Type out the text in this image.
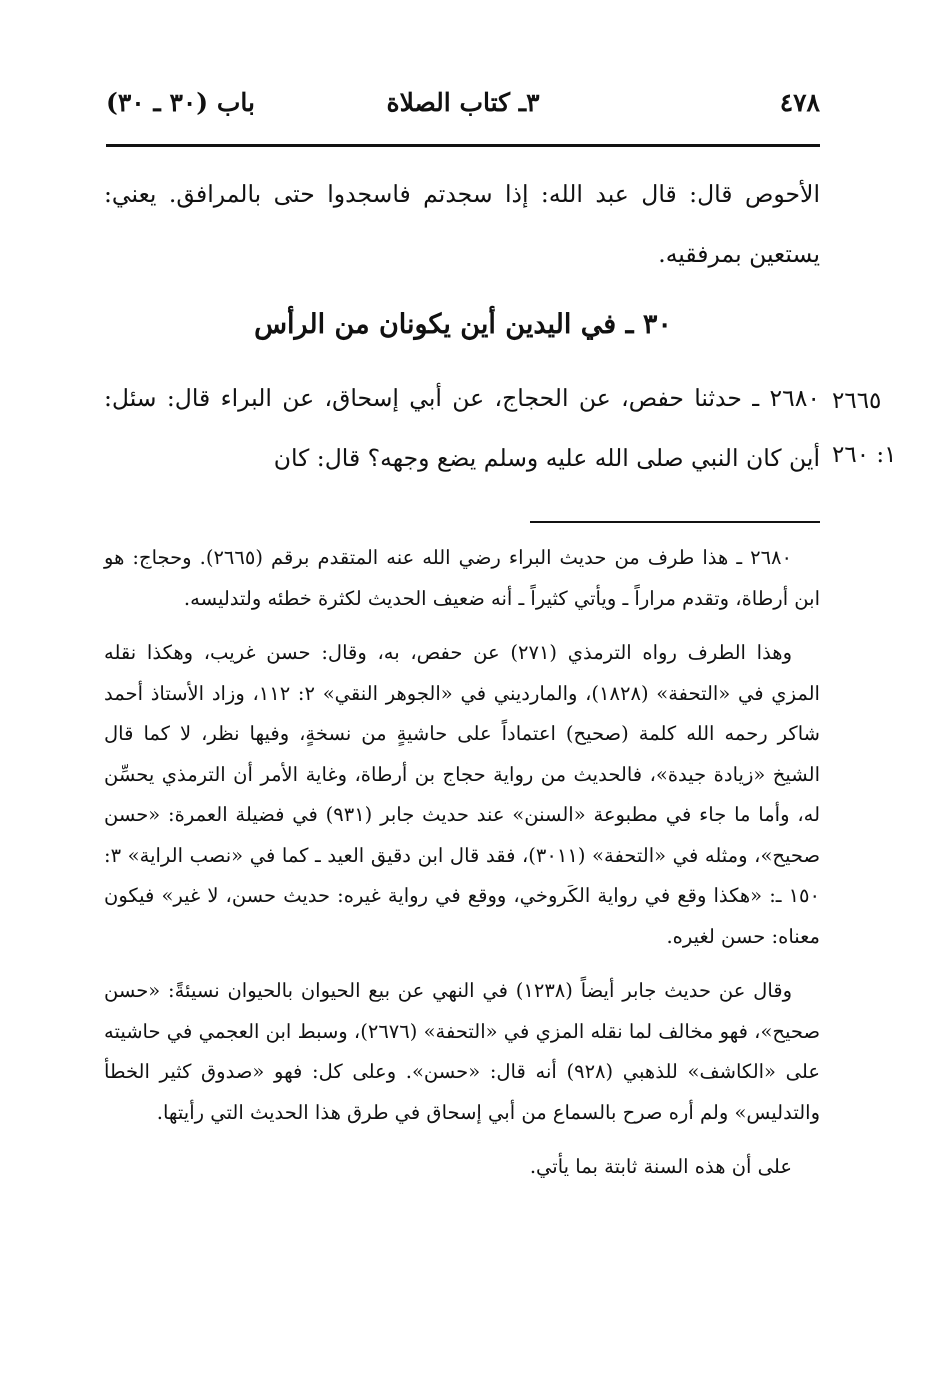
٤٧٨
٣ـ كتاب الصلاة
باب (٣٠ ـ ٣٠)

الأحوص قال: قال عبد الله: إذا سجدتم فاسجدوا حتى بالمرافق. يعني: يستعين بمرفقيه.

٣٠ ـ في اليدين أين يكونان من الرأس

٢٦٨٠ ـ حدثنا حفص، عن الحجاج، عن أبي إسحاق، عن البراء قال: سئل: أين كان النبي صلى الله عليه وسلم يضع وجهه؟ قال: كان

٢٦٦٥
١: ٢٦٠

٢٦٨٠ ـ هذا طرف من حديث البراء رضي الله عنه المتقدم برقم (٢٦٦٥). وحجاج: هو ابن أرطاة، وتقدم مراراً ـ ويأتي كثيراً ـ أنه ضعيف الحديث لكثرة خطئه ولتدليسه.

وهذا الطرف رواه الترمذي (٢٧١) عن حفص، به، وقال: حسن غريب، وهكذا نقله المزي في «التحفة» (١٨٢٨)، والماردیني في «الجوهر النقي» ٢: ١١٢، وزاد الأستاذ أحمد شاكر رحمه الله كلمة (صحيح) اعتماداً على حاشيةٍ من نسخةٍ، وفيها نظر، لا كما قال الشيخ «زيادة جيدة»، فالحديث من رواية حجاج بن أرطاة، وغاية الأمر أن الترمذي يحسِّن له، وأما ما جاء في مطبوعة «السنن» عند حديث جابر (٩٣١) في فضيلة العمرة: «حسن صحيح»، ومثله في «التحفة» (٣٠١١)، فقد قال ابن دقيق العيد ـ كما في «نصب الراية» ٣: ١٥٠ ـ: «هكذا وقع في رواية الكَروخي، ووقع في رواية غيره: حديث حسن، لا غير» فيكون معناه: حسن لغيره.

وقال عن حديث جابر أيضاً (١٢٣٨) في النهي عن بيع الحيوان بالحيوان نسيئةً: «حسن صحيح»، فهو مخالف لما نقله المزي في «التحفة» (٢٦٧٦)، وسبط ابن العجمي في حاشيته على «الكاشف» للذهبي (٩٢٨) أنه قال: «حسن». وعلى كل: فهو «صدوق كثير الخطأ والتدليس» ولم أره صرح بالسماع من أبي إسحاق في طرق هذا الحديث التي رأيتها.

على أن هذه السنة ثابتة بما يأتي.
